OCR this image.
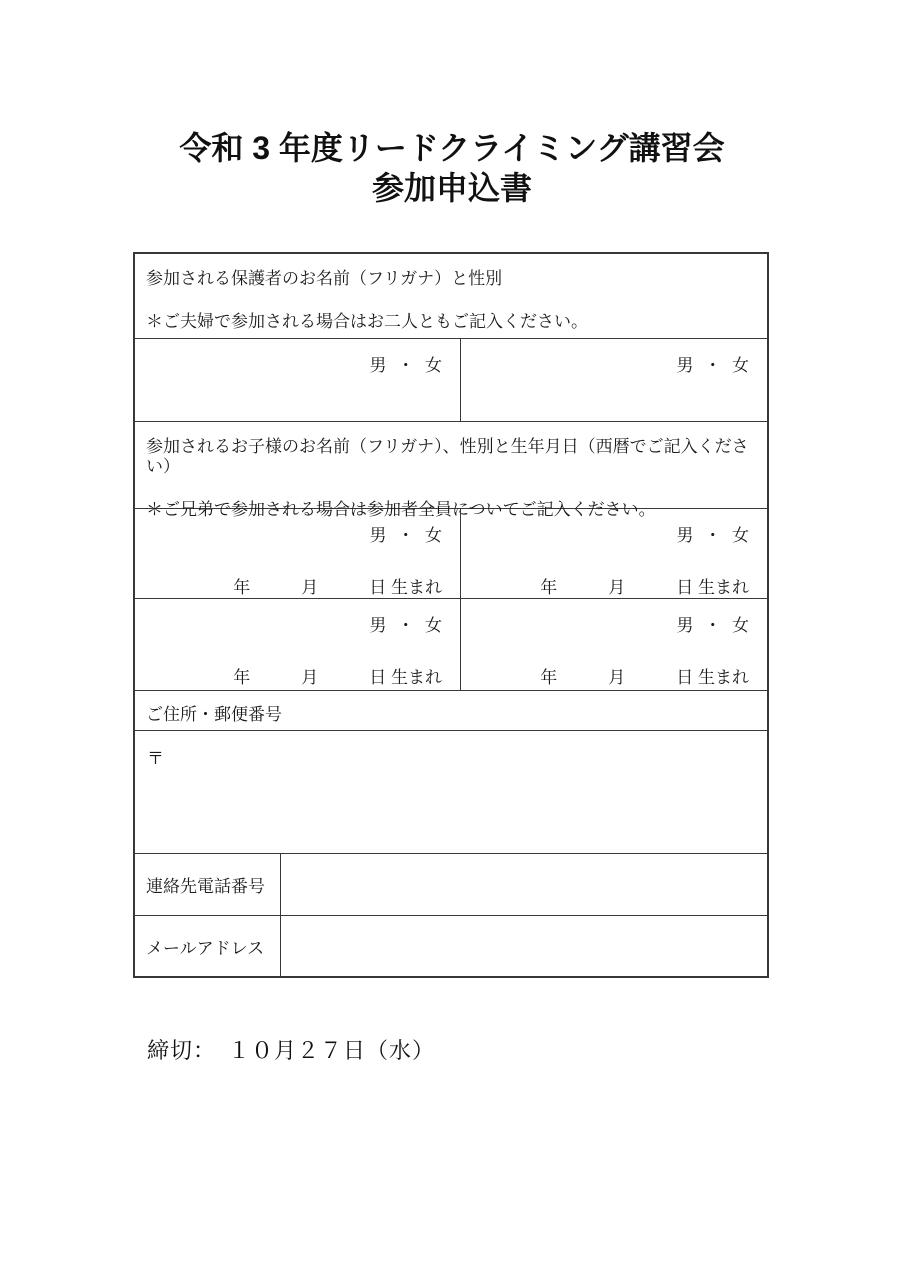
令和 3 年度リードクライミング講習会
参加申込書
参加される保護者のお名前（フリガナ）と性別
＊ご夫婦で参加される場合はお二人ともご記入ください。
男 ・ 女	男 ・ 女
参加されるお子様のお名前（フリガナ）、性別と生年月日（西暦でご記入ください）
＊ご兄弟で参加される場合は参加者全員についてご記入ください。
男 ・ 女
年　　　月　　　日 生まれ
男 ・ 女
年　　　月　　　日 生まれ
男 ・ 女
年　　　月　　　日 生まれ
男 ・ 女
年　　　月　　　日 生まれ
ご住所・郵便番号
〒
連絡先電話番号
メールアドレス
締切：　１０月２７日（水）
